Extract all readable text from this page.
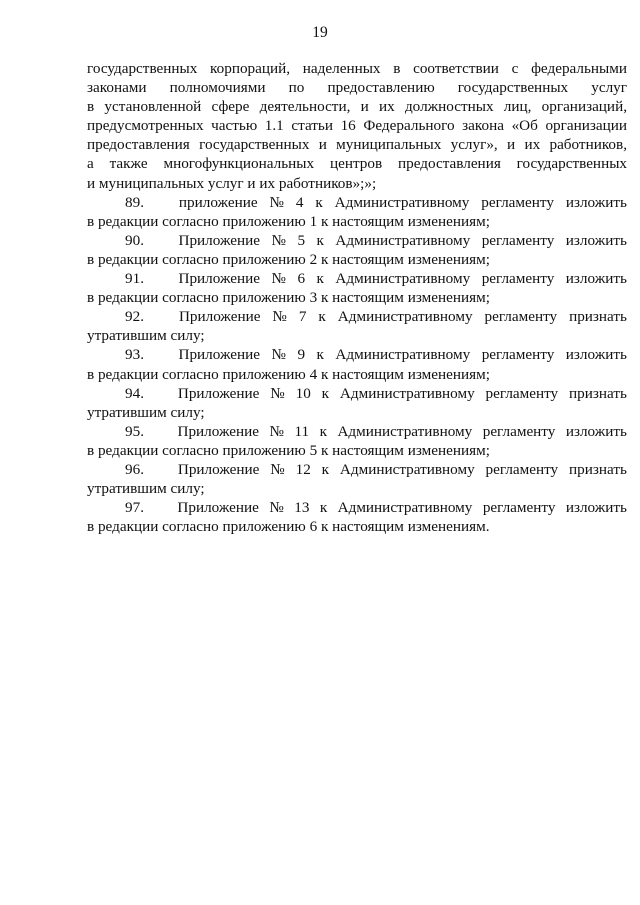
19
государственных корпораций, наделенных в соответствии с федеральными
законами полномочиями по предоставлению государственных услуг
в установленной сфере деятельности, и их должностных лиц, организаций,
предусмотренных частью 1.1 статьи 16 Федерального закона «Об организации
предоставления государственных и муниципальных услуг», и их работников,
а также многофункциональных центров предоставления государственных
и муниципальных услуг и их работников»;»;
89.	приложение № 4 к Административному регламенту изложить
в редакции согласно приложению 1 к настоящим изменениям;
90.	Приложение № 5 к Административному регламенту изложить
в редакции согласно приложению 2 к настоящим изменениям;
91.	Приложение № 6 к Административному регламенту изложить
в редакции согласно приложению 3 к настоящим изменениям;
92.	Приложение № 7 к Административному регламенту признать
утратившим силу;
93.	Приложение № 9 к Административному регламенту изложить
в редакции согласно приложению 4 к настоящим изменениям;
94.	Приложение № 10 к Административному регламенту признать
утратившим силу;
95.	Приложение № 11 к Административному регламенту изложить
в редакции согласно приложению 5 к настоящим изменениям;
96.	Приложение № 12 к Административному регламенту признать
утратившим силу;
97.	Приложение № 13 к Административному регламенту изложить
в редакции согласно приложению 6 к настоящим изменениям.
